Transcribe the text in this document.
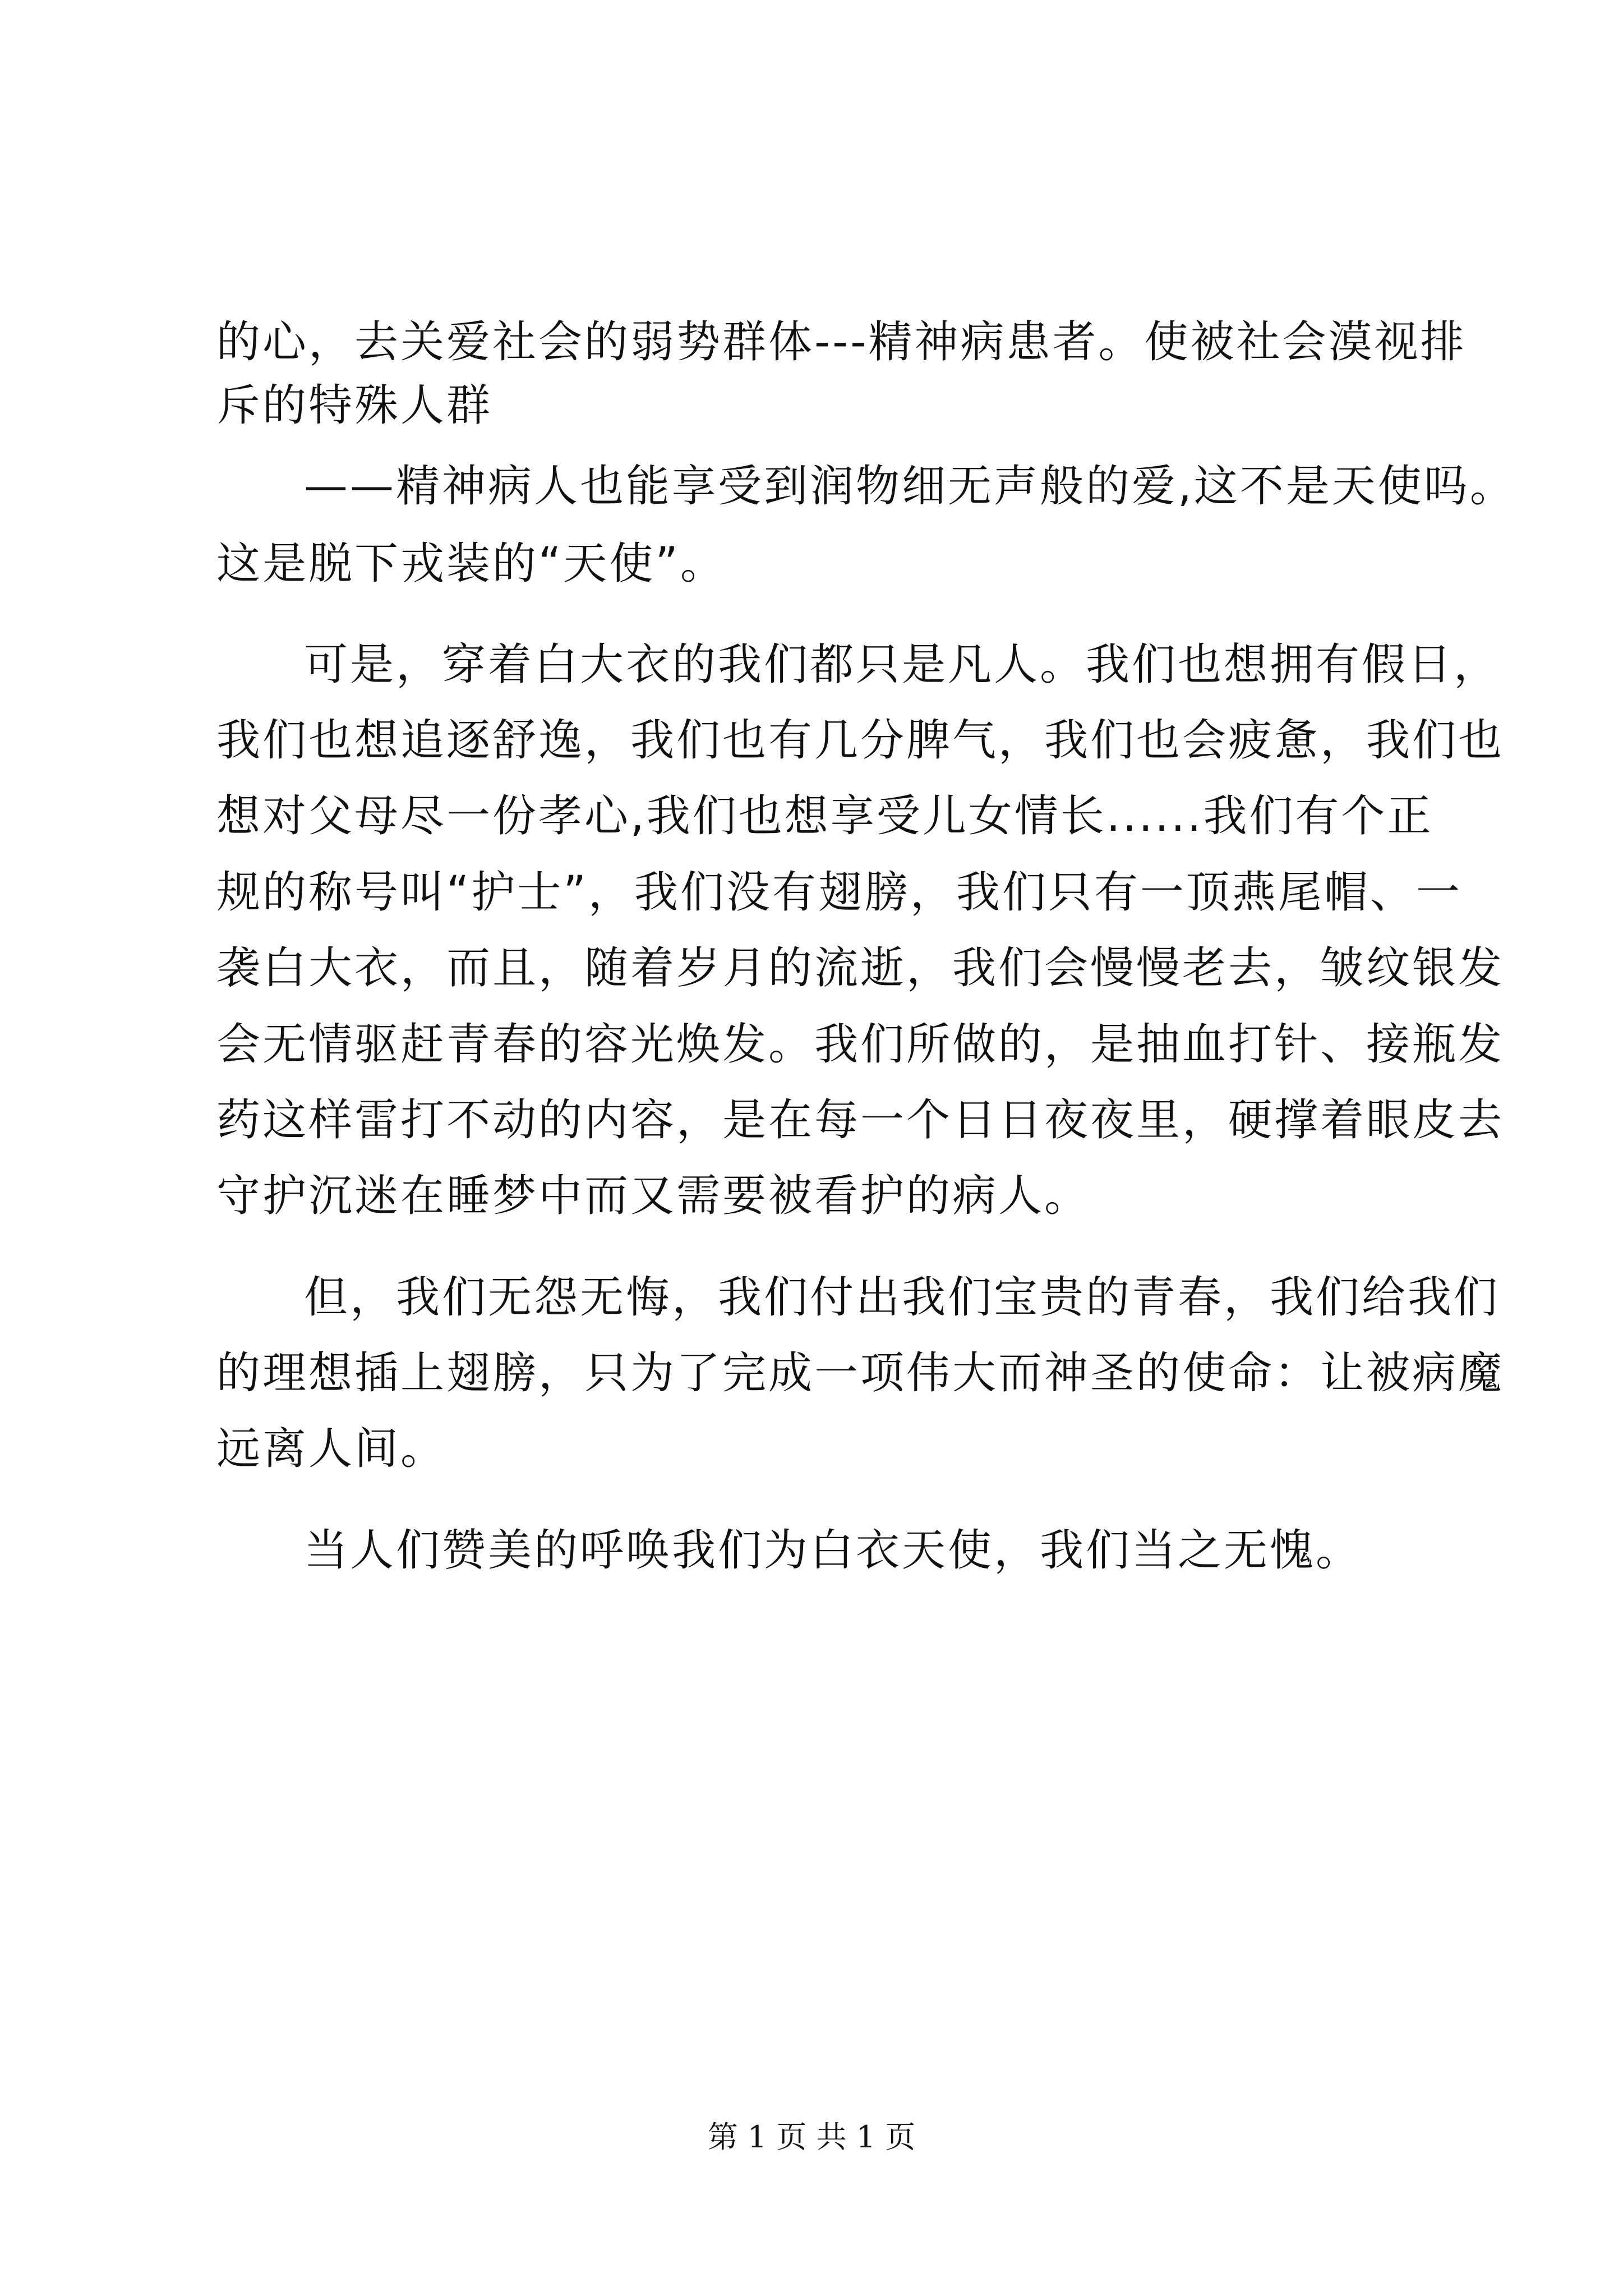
的心，去关爱社会的弱势群体---精神病患者。使被社会漠视排
斥的特殊人群
——精神病人也能享受到润物细无声般的爱,这不是天使吗。
这是脱下戎装的“天使”。
可是，穿着白大衣的我们都只是凡人。我们也想拥有假日，
我们也想追逐舒逸，我们也有几分脾气，我们也会疲惫，我们也
想对父母尽一份孝心,我们也想享受儿女情长......我们有个正
规的称号叫“护士”，我们没有翅膀，我们只有一顶燕尾帽、一
袭白大衣，而且，随着岁月的流逝，我们会慢慢老去，皱纹银发
会无情驱赶青春的容光焕发。我们所做的，是抽血打针、接瓶发
药这样雷打不动的内容，是在每一个日日夜夜里，硬撑着眼皮去
守护沉迷在睡梦中而又需要被看护的病人。
但，我们无怨无悔，我们付出我们宝贵的青春，我们给我们
的理想插上翅膀，只为了完成一项伟大而神圣的使命：让被病魔
远离人间。
当人们赞美的呼唤我们为白衣天使，我们当之无愧。
第 1 页 共 1 页
